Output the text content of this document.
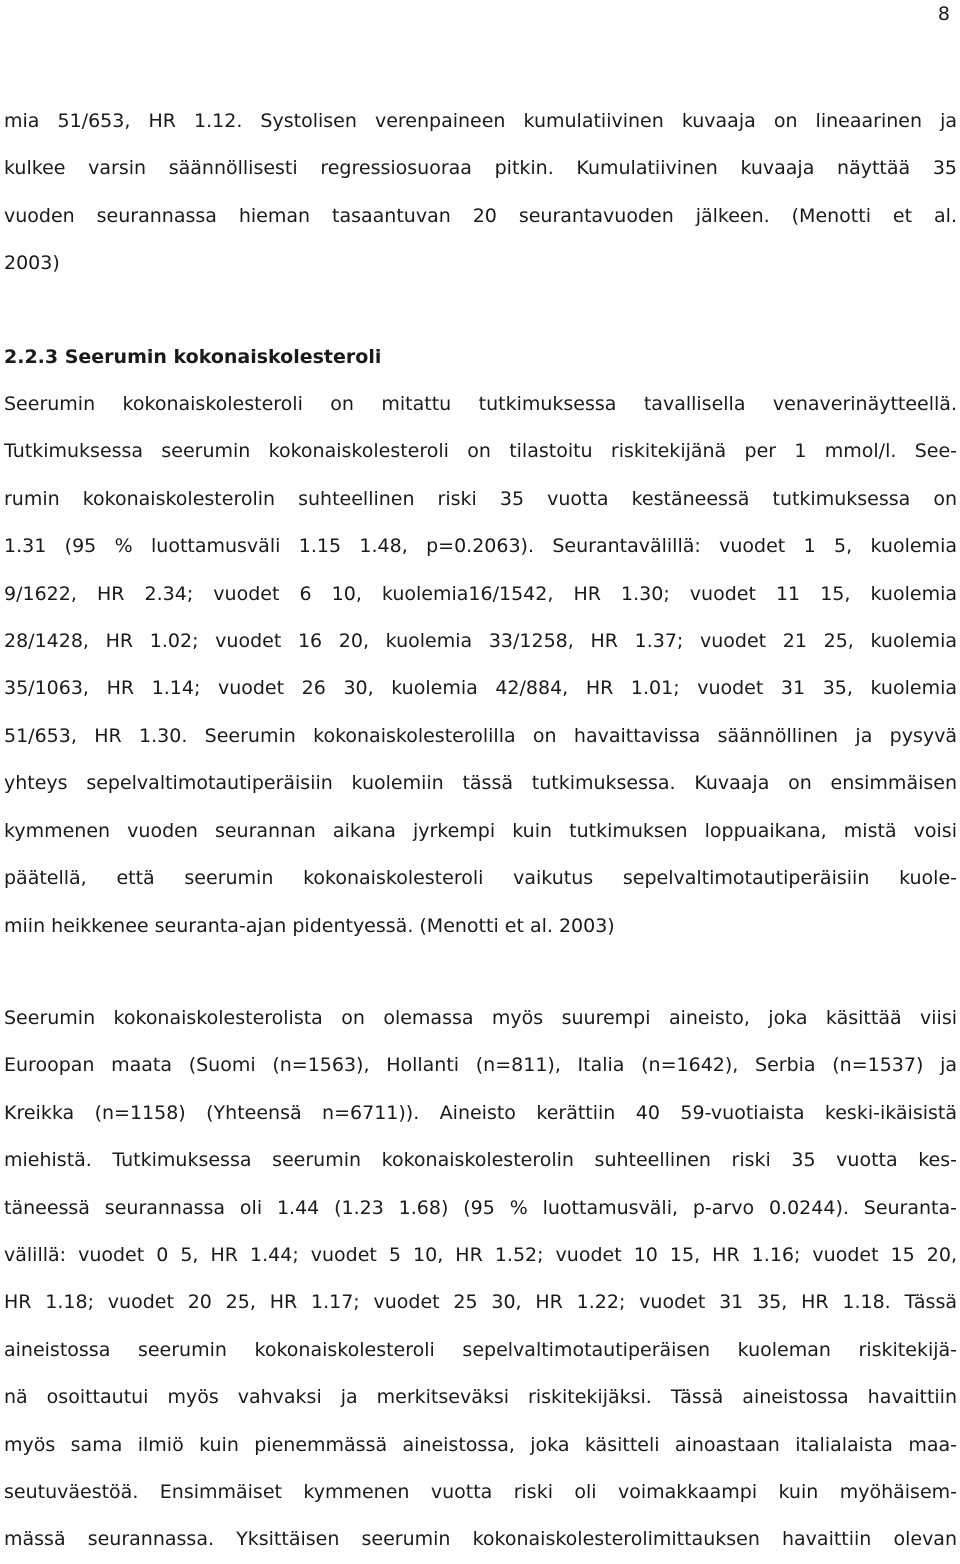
8

mia 51/653, HR 1.12. Systolisen verenpaineen kumulatiivinen kuvaaja on lineaarinen ja

kulkee varsin säännöllisesti regressiosuoraa pitkin. Kumulatiivinen kuvaaja näyttää 35

vuoden seurannassa hieman tasaantuvan 20 seurantavuoden jälkeen. (Menotti et al.

2003)

2.2.3 Seerumin kokonaiskolesteroli

Seerumin kokonaiskolesteroli on mitattu tutkimuksessa tavallisella venaverinäytteellä.

Tutkimuksessa seerumin kokonaiskolesteroli on tilastoitu riskitekijänä per 1 mmol/l. See-

rumin kokonaiskolesterolin suhteellinen riski 35 vuotta kestäneessä tutkimuksessa on

1.31 (95 % luottamusväli 1.15 1.48, p=0.2063). Seurantavälillä: vuodet 1 5, kuolemia

9/1622, HR 2.34; vuodet 6 10, kuolemia16/1542, HR 1.30; vuodet 11 15, kuolemia

28/1428, HR 1.02; vuodet 16 20, kuolemia 33/1258, HR 1.37; vuodet 21 25, kuolemia

35/1063, HR 1.14; vuodet 26 30, kuolemia 42/884, HR 1.01; vuodet 31 35, kuolemia

51/653, HR 1.30. Seerumin kokonaiskolesterolilla on havaittavissa säännöllinen ja pysyvä

yhteys sepelvaltimotautiperäisiin kuolemiin tässä tutkimuksessa. Kuvaaja on ensimmäisen

kymmenen vuoden seurannan aikana jyrkempi kuin tutkimuksen loppuaikana, mistä voisi

päätellä, että seerumin kokonaiskolesteroli vaikutus sepelvaltimotautiperäisiin kuole-

miin heikkenee seuranta-ajan pidentyessä. (Menotti et al. 2003)

Seerumin kokonaiskolesterolista on olemassa myös suurempi aineisto, joka käsittää viisi

Euroopan maata (Suomi (n=1563), Hollanti (n=811), Italia (n=1642), Serbia (n=1537) ja

Kreikka (n=1158) (Yhteensä n=6711)). Aineisto kerättiin 40 59-vuotiaista keski-ikäisistä

miehistä. Tutkimuksessa seerumin kokonaiskolesterolin suhteellinen riski 35 vuotta kes-

täneessä seurannassa oli 1.44 (1.23 1.68) (95 % luottamusväli, p-arvo 0.0244). Seuranta-

välillä: vuodet 0 5, HR 1.44; vuodet 5 10, HR 1.52; vuodet 10 15, HR 1.16; vuodet 15 20,

HR 1.18; vuodet 20 25, HR 1.17; vuodet 25 30, HR 1.22; vuodet 31 35, HR 1.18. Tässä

aineistossa seerumin kokonaiskolesteroli sepelvaltimotautiperäisen kuoleman riskitekijä-

nä osoittautui myös vahvaksi ja merkitseväksi riskitekijäksi. Tässä aineistossa havaittiin

myös sama ilmiö kuin pienemmässä aineistossa, joka käsitteli ainoastaan italialaista maa-

seutuväestöä. Ensimmäiset kymmenen vuotta riski oli voimakkaampi kuin myöhäisem-

mässä seurannassa. Yksittäisen seerumin kokonaiskolesterolimittauksen havaittiin olevan
